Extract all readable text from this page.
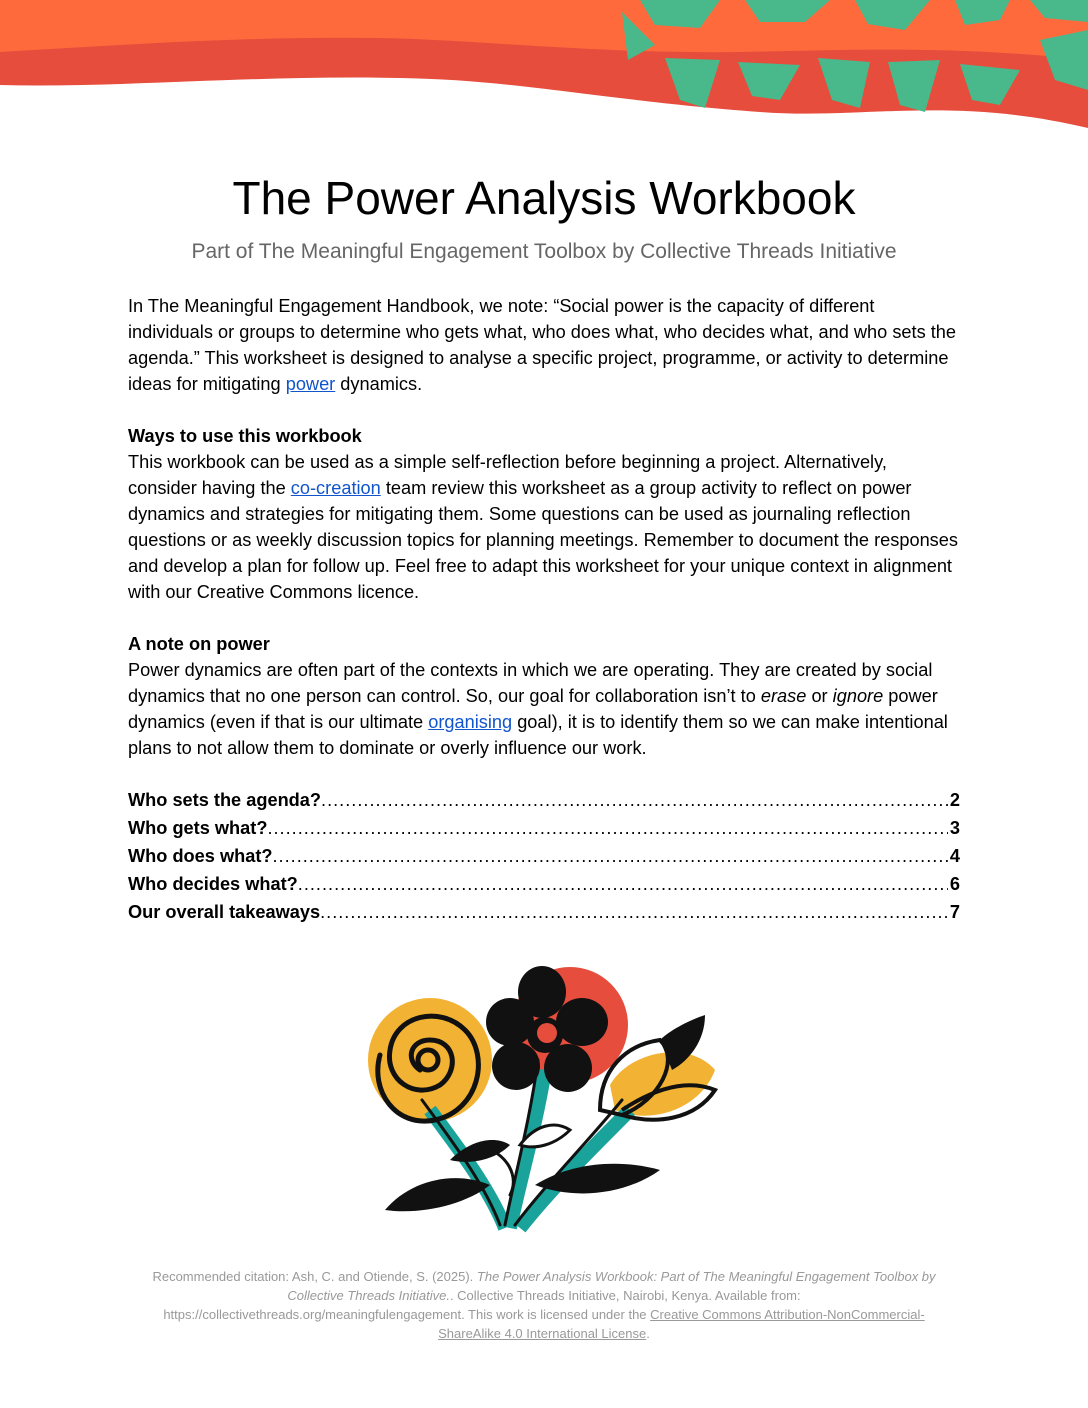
The Power Analysis Workbook

Part of The Meaningful Engagement Toolbox by Collective Threads Initiative

In The Meaningful Engagement Handbook, we note: “Social power is the capacity of different individuals or groups to determine who gets what, who does what, who decides what, and who sets the agenda.” This worksheet is designed to analyse a specific project, programme, or activity to determine ideas for mitigating power dynamics.

Ways to use this workbook
This workbook can be used as a simple self-reflection before beginning a project. Alternatively, consider having the co-creation team review this worksheet as a group activity to reflect on power dynamics and strategies for mitigating them. Some questions can be used as journaling reflection questions or as weekly discussion topics for planning meetings. Remember to document the responses and develop a plan for follow up. Feel free to adapt this worksheet for your unique context in alignment with our Creative Commons licence.

A note on power
Power dynamics are often part of the contexts in which we are operating. They are created by social dynamics that no one person can control. So, our goal for collaboration isn’t to erase or ignore power dynamics (even if that is our ultimate organising goal), it is to identify them so we can make intentional plans to not allow them to dominate or overly influence our work.

Who sets the agenda? .....	2
Who gets what? .....	3
Who does what? .....	4
Who decides what? .....	6
Our overall takeaways .....	7
Recommended citation: Ash, C. and Otiende, S. (2025). The Power Analysis Workbook: Part of The Meaningful Engagement Toolbox by Collective Threads Initiative.. Collective Threads Initiative, Nairobi, Kenya. Available from: https://collectivethreads.org/meaningfulengagement. This work is licensed under the Creative Commons Attribution-NonCommercial-ShareAlike 4.0 International License.
